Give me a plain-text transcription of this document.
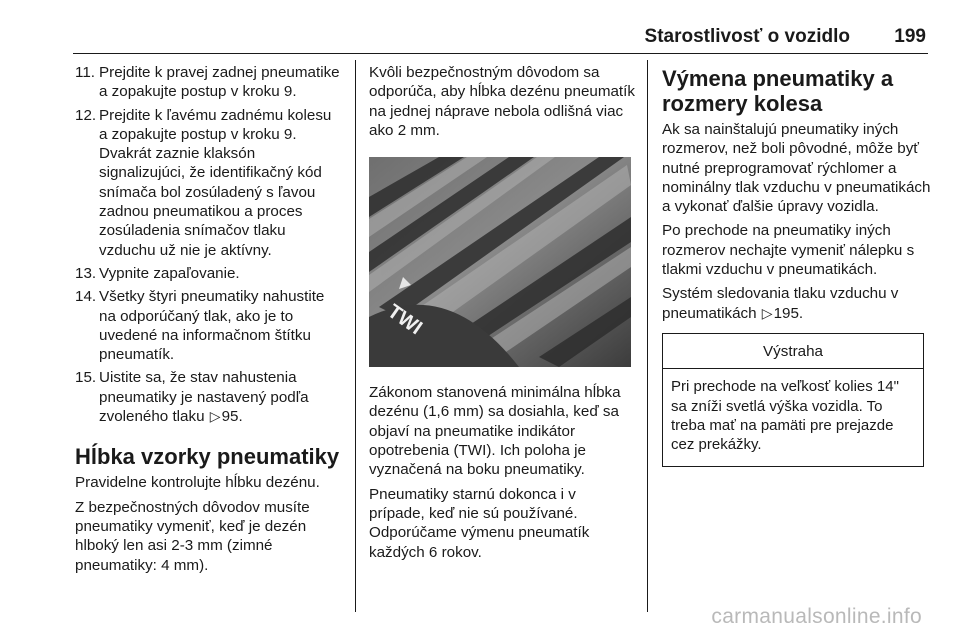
Starostlivosť o vozidlo	199
11. Prejdite k pravej zadnej pneumatike a zopakujte postup v kroku 9.
12. Prejdite k ľavému zadnému kolesu a zopakujte postup v kroku 9. Dvakrát zaznie klaksón signalizujúci, že identifikačný kód snímača bol zosúladený s ľavou zadnou pneumatikou a proces zosúladenia snímačov tlaku vzduchu už nie je aktívny.
13. Vypnite zapaľovanie.
14. Všetky štyri pneumatiky nahustite na odporúčaný tlak, ako je to uvedené na informačnom štítku pneumatík.
15. Uistite sa, že stav nahustenia pneumatiky je nastavený podľa zvoleného tlaku ▷95.
Hĺbka vzorky pneumatiky

Pravidelne kontrolujte hĺbku dezénu.

Z bezpečnostných dôvodov musíte pneumatiky vymeniť, keď je dezén hlboký len asi 2-3 mm (zimné pneumatiky: 4 mm).

Kvôli bezpečnostným dôvodom sa odporúča, aby hĺbka dezénu pneumatík na jednej náprave nebola odlišná viac ako 2 mm.

TWI

Zákonom stanovená minimálna hĺbka dezénu (1,6 mm) sa dosiahla, keď sa objaví na pneumatike indikátor opotrebenia (TWI). Ich poloha je vyznačená na boku pneumatiky.

Pneumatiky starnú dokonca i v prípade, keď nie sú používané. Odporúčame výmenu pneumatík každých 6 rokov.

Výmena pneumatiky a rozmery kolesa

Ak sa nainštalujú pneumatiky iných rozmerov, než boli pôvodné, môže byť nutné preprogramovať rýchlomer a nominálny tlak vzduchu v pneumatikách a vykonať ďalšie úpravy vozidla.

Po prechode na pneumatiky iných rozmerov nechajte vymeniť nálepku s tlakmi vzduchu v pneumatikách.

Systém sledovania tlaku vzduchu v pneumatikách ▷195.

Výstraha
Pri prechode na veľkosť kolies 14" sa zníži svetlá výška vozidla. To treba mať na pamäti pre prejazde cez prekážky.
carmanualsonline.info
